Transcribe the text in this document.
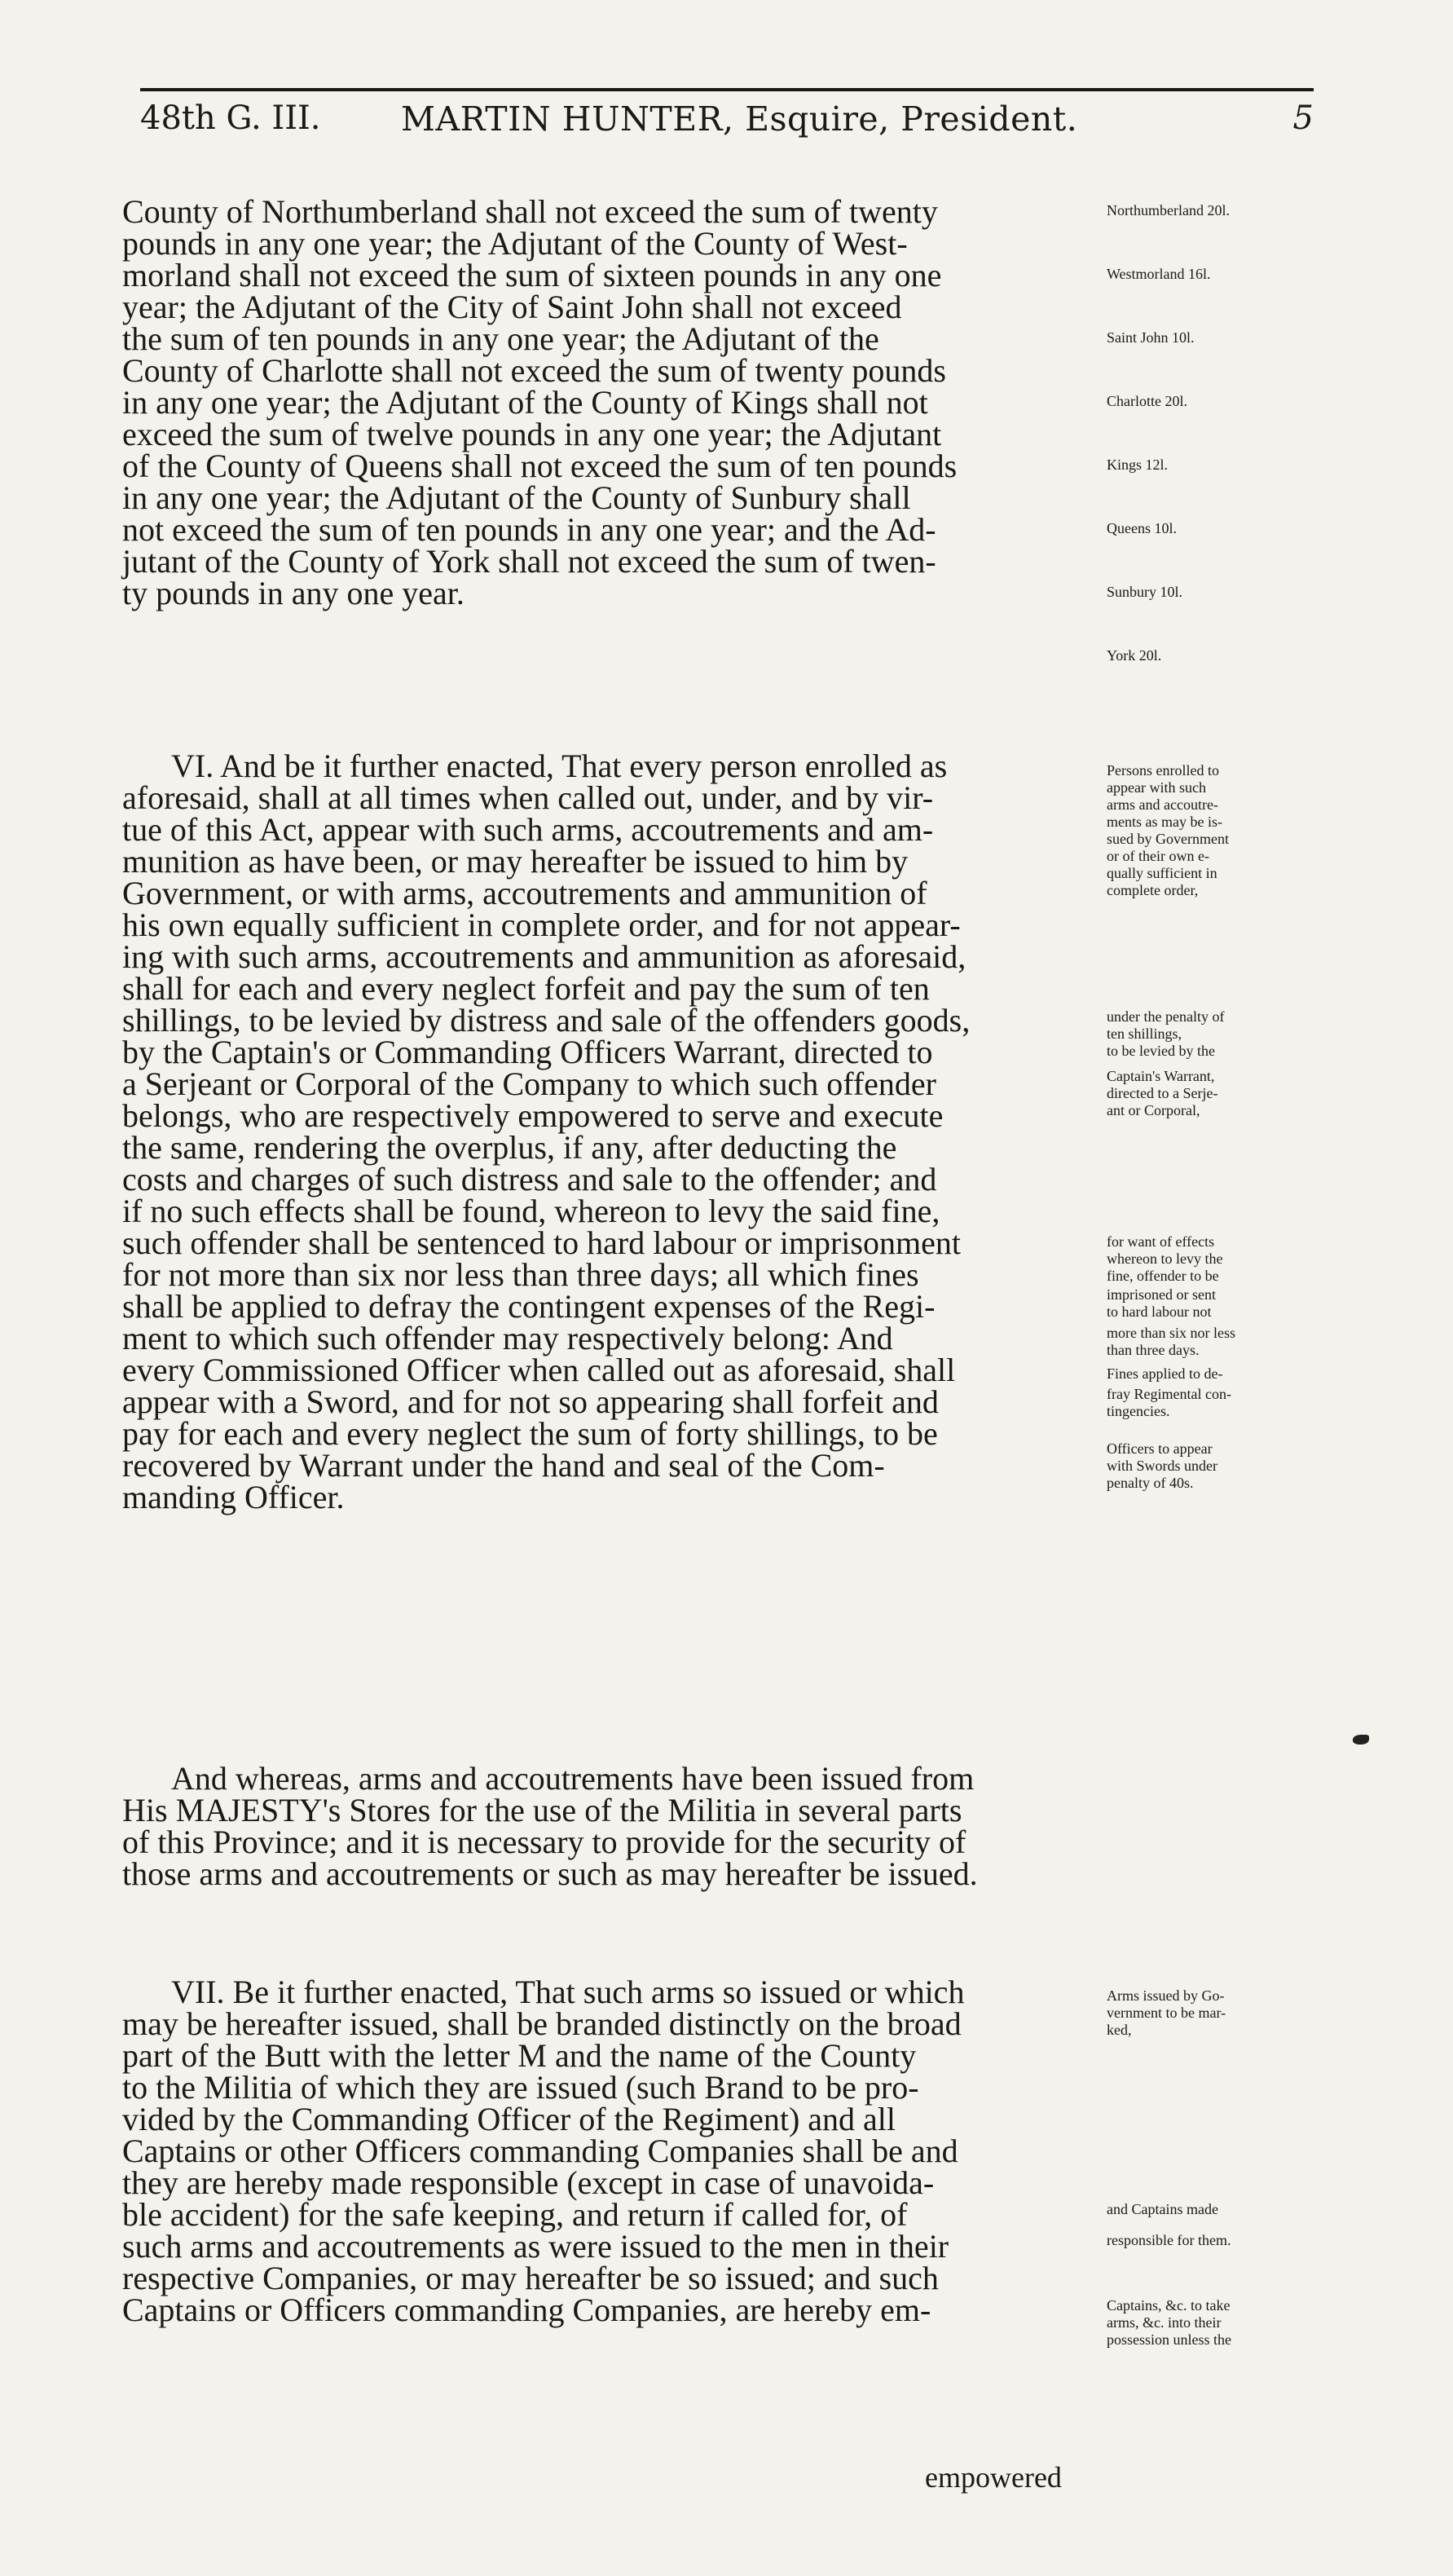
48th G. III. MARTIN HUNTER, Esquire, President.	5
County of Northumberland shall not exceed the sum of twenty
pounds in any one year; the Adjutant of the County of West-
morland shall not exceed the sum of sixteen pounds in any one
year; the Adjutant of the City of Saint John shall not exceed
the sum of ten pounds in any one year; the Adjutant of the
County of Charlotte shall not exceed the sum of twenty pounds
in any one year; the Adjutant of the County of Kings shall not
exceed the sum of twelve pounds in any one year; the Adjutant
of the County of Queens shall not exceed the sum of ten pounds
in any one year; the Adjutant of the County of Sunbury shall
not exceed the sum of ten pounds in any one year; and the Ad-
jutant of the County of York shall not exceed the sum of twen-
ty pounds in any one year.
Northumberland 20l.
Westmorland 16l.
Saint John 10l.
Charlotte 20l.
Kings 12l.
Queens 10l.
Sunbury 10l.
York 20l.
VI. And be it further enacted, That every person enrolled as
aforesaid, shall at all times when called out, under, and by vir-
tue of this Act, appear with such arms, accoutrements and am-
munition as have been, or may hereafter be issued to him by
Government, or with arms, accoutrements and ammunition of
his own equally sufficient in complete order, and for not appear-
ing with such arms, accoutrements and ammunition as aforesaid,
shall for each and every neglect forfeit and pay the sum of ten
shillings, to be levied by distress and sale of the offenders goods,
by the Captain's or Commanding Officers Warrant, directed to
a Serjeant or Corporal of the Company to which such offender
belongs, who are respectively empowered to serve and execute
the same, rendering the overplus, if any, after deducting the
costs and charges of such distress and sale to the offender; and
if no such effects shall be found, whereon to levy the said fine,
such offender shall be sentenced to hard labour or imprisonment
for not more than six nor less than three days; all which fines
shall be applied to defray the contingent expenses of the Regi-
ment to which such offender may respectively belong: And
every Commissioned Officer when called out as aforesaid, shall
appear with a Sword, and for not so appearing shall forfeit and
pay for each and every neglect the sum of forty shillings, to be
recovered by Warrant under the hand and seal of the Com-
manding Officer.
Persons enrolled to
appear with such
arms and accoutre-
ments as may be is-
sued by Government
or of their own e-
qually sufficient in
complete order,
under the penalty of
ten shillings,
to be levied by the
Captain's Warrant,
directed to a Serje-
ant or Corporal,
for want of effects
whereon to levy the
fine, offender to be
imprisoned or sent
to hard labour not
more than six nor less
than three days.
Fines applied to de-
fray Regimental con-
tingencies.
Officers to appear
with Swords under
penalty of 40s.
And whereas, arms and accoutrements have been issued from
His MAJESTY's Stores for the use of the Militia in several parts
of this Province; and it is necessary to provide for the security of
those arms and accoutrements or such as may hereafter be issued.
VII. Be it further enacted, That such arms so issued or which
may be hereafter issued, shall be branded distinctly on the broad
part of the Butt with the letter M and the name of the County
to the Militia of which they are issued (such Brand to be pro-
vided by the Commanding Officer of the Regiment) and all
Captains or other Officers commanding Companies shall be and
they are hereby made responsible (except in case of unavoida-
ble accident) for the safe keeping, and return if called for, of
such arms and accoutrements as were issued to the men in their
respective Companies, or may hereafter be so issued; and such
Captains or Officers commanding Companies, are hereby em-
Arms issued by Go-
vernment to be mar-
ked,
and Captains made
responsible for them.
Captains, &c. to take
arms, &c. into their
possession unless the
empowered
